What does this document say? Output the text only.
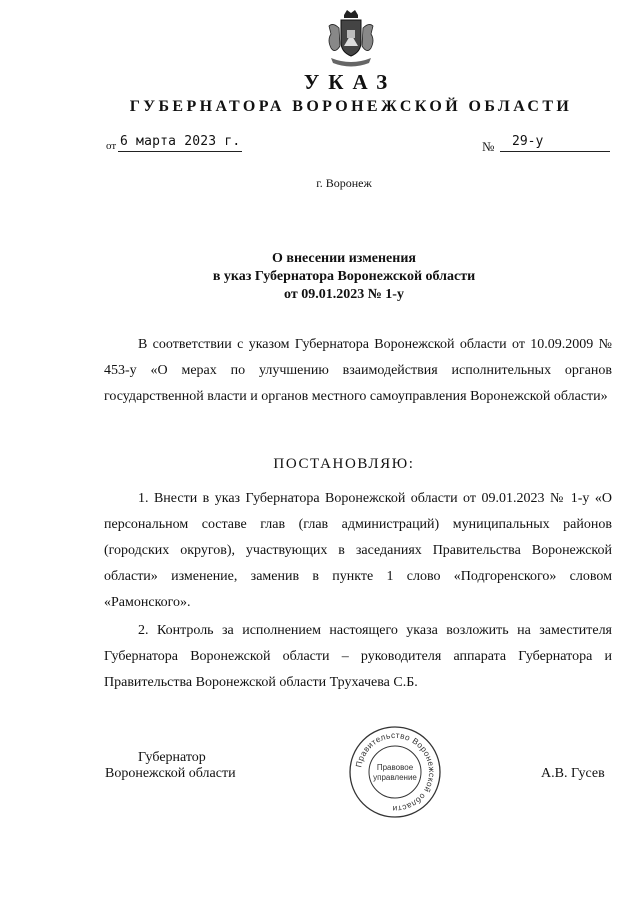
УКАЗ
ГУБЕРНАТОРА ВОРОНЕЖСКОЙ ОБЛАСТИ
от 6 марта 2023 г.	№ 29-у
г. Воронеж
О внесении изменения
в указ Губернатора Воронежской области
от 09.01.2023 № 1-у
В соответствии с указом Губернатора Воронежской области от 10.09.2009 № 453-у «О мерах по улучшению взаимодействия исполнительных органов государственной власти и органов местного самоуправления Воронежской области»
ПОСТАНОВЛЯЮ:
1. Внести в указ Губернатора Воронежской области от 09.01.2023 № 1-у «О персональном составе глав (глав администраций) муниципальных районов (городских округов), участвующих в заседаниях Правительства Воронежской области» изменение, заменив в пункте 1 слово «Подгоренского» словом «Рамонского».
2. Контроль за исполнением настоящего указа возложить на заместителя Губернатора Воронежской области – руководителя аппарата Губернатора и Правительства Воронежской области Трухачева С.Б.
Губернатор
Воронежской области	А.В. Гусев
Правительство Воронежской области
Правовое
управление
